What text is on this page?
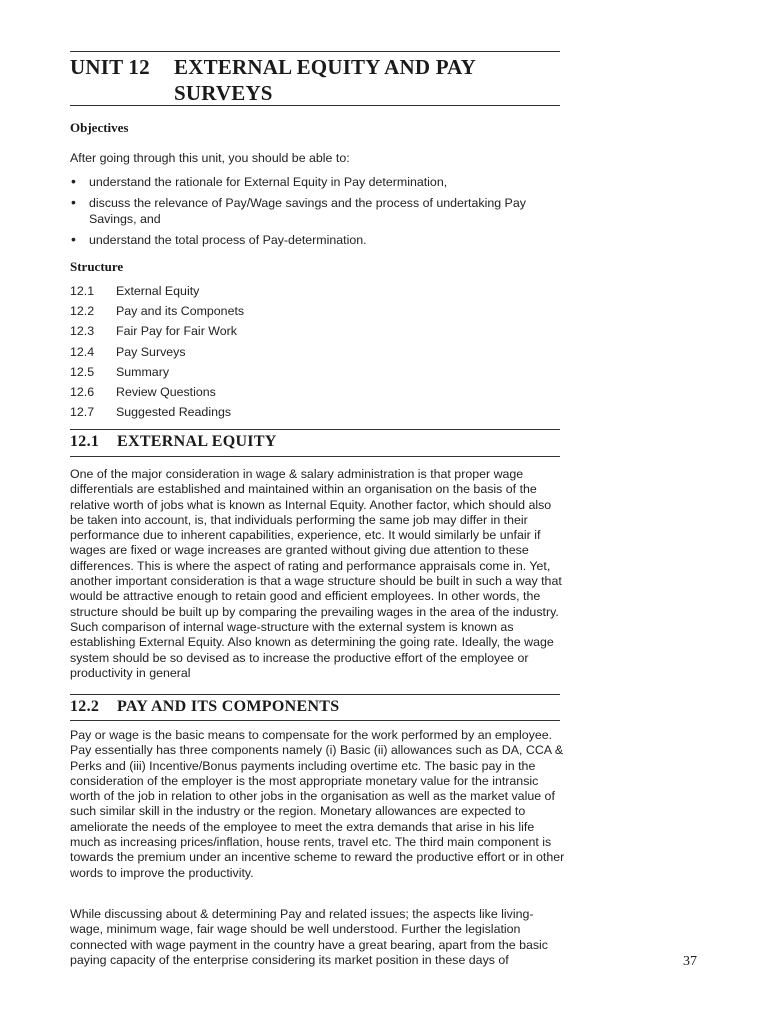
UNIT 12 EXTERNAL EQUITY AND PAY SURVEYS
Objectives
After going through this unit, you should be able to:
• understand the rationale for External Equity in Pay determination,
• discuss the relevance of Pay/Wage savings and the process of undertaking Pay Savings, and
• understand the total process of Pay-determination.
Structure
12.1 External Equity
12.2 Pay and its Componets
12.3 Fair Pay for Fair Work
12.4 Pay Surveys
12.5 Summary
12.6 Review Questions
12.7 Suggested Readings
12.1 EXTERNAL EQUITY
One of the major consideration in wage & salary administration is that proper wage differentials are established and maintained within an organisation on the basis of the relative worth of jobs what is known as Internal Equity. Another factor, which should also be taken into account, is, that individuals performing the same job may differ in their performance due to inherent capabilities, experience, etc. It would similarly be unfair if wages are fixed or wage increases are granted without giving due attention to these differences. This is where the aspect of rating and performance appraisals come in. Yet, another important consideration is that a wage structure should be built in such a way that would be attractive enough to retain good and efficient employees. In other words, the structure should be built up by comparing the prevailing wages in the area of the industry. Such comparison of internal wage-structure with the external system is known as establishing External Equity. Also known as determining the going rate. Ideally, the wage system should be so devised as to increase the productive effort of the employee or productivity in general
12.2 PAY AND ITS COMPONENTS
Pay or wage is the basic means to compensate for the work performed by an employee. Pay essentially has three components namely (i) Basic (ii) allowances such as DA, CCA & Perks and (iii) Incentive/Bonus payments including overtime etc. The basic pay in the consideration of the employer is the most appropriate monetary value for the intransic worth of the job in relation to other jobs in the organisation as well as the market value of such similar skill in the industry or the region. Monetary allowances are expected to ameliorate the needs of the employee to meet the extra demands that arise in his life much as increasing prices/inflation, house rents, travel etc. The third main component is towards the premium under an incentive scheme to reward the productive effort or in other words to improve the productivity.
While discussing about & determining Pay and related issues; the aspects like living-wage, minimum wage, fair wage should be well understood. Further the legislation connected with wage payment in the country have a great bearing, apart from the basic paying capacity of the enterprise considering its market position in these days of	37
